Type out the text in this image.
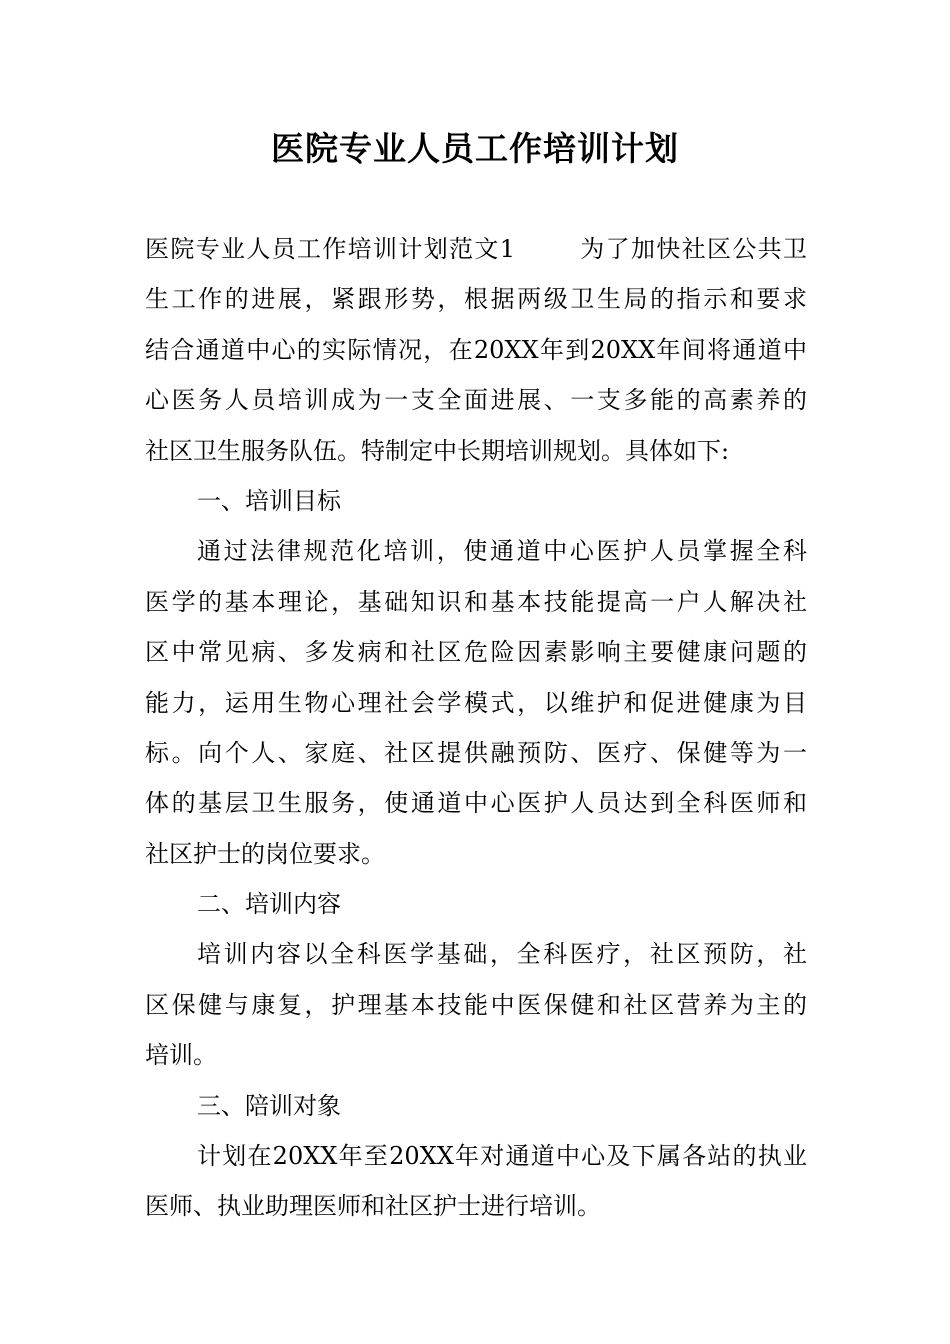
医院专业人员工作培训计划
医院专业人员工作培训计划范文1	为了加快社区公共卫
生工作的进展，紧跟形势，根据两级卫生局的指示和要求
结合通道中心的实际情况，在20XX年到20XX年间将通道中
心医务人员培训成为一支全面进展、一支多能的高素养的
社区卫生服务队伍。特制定中长期培训规划。具体如下:
一、培训目标
通过法律规范化培训，使通道中心医护人员掌握全科
医学的基本理论，基础知识和基本技能提高一户人解决社
区中常见病、多发病和社区危险因素影响主要健康问题的
能力，运用生物心理社会学模式，以维护和促进健康为目
标。向个人、家庭、社区提供融预防、医疗、保健等为一
体的基层卫生服务，使通道中心医护人员达到全科医师和
社区护士的岗位要求。
二、培训内容
培训内容以全科医学基础，全科医疗，社区预防，社
区保健与康复，护理基本技能中医保健和社区营养为主的
培训。
三、陪训对象
计划在20XX年至20XX年对通道中心及下属各站的执业
医师、执业助理医师和社区护士进行培训。
